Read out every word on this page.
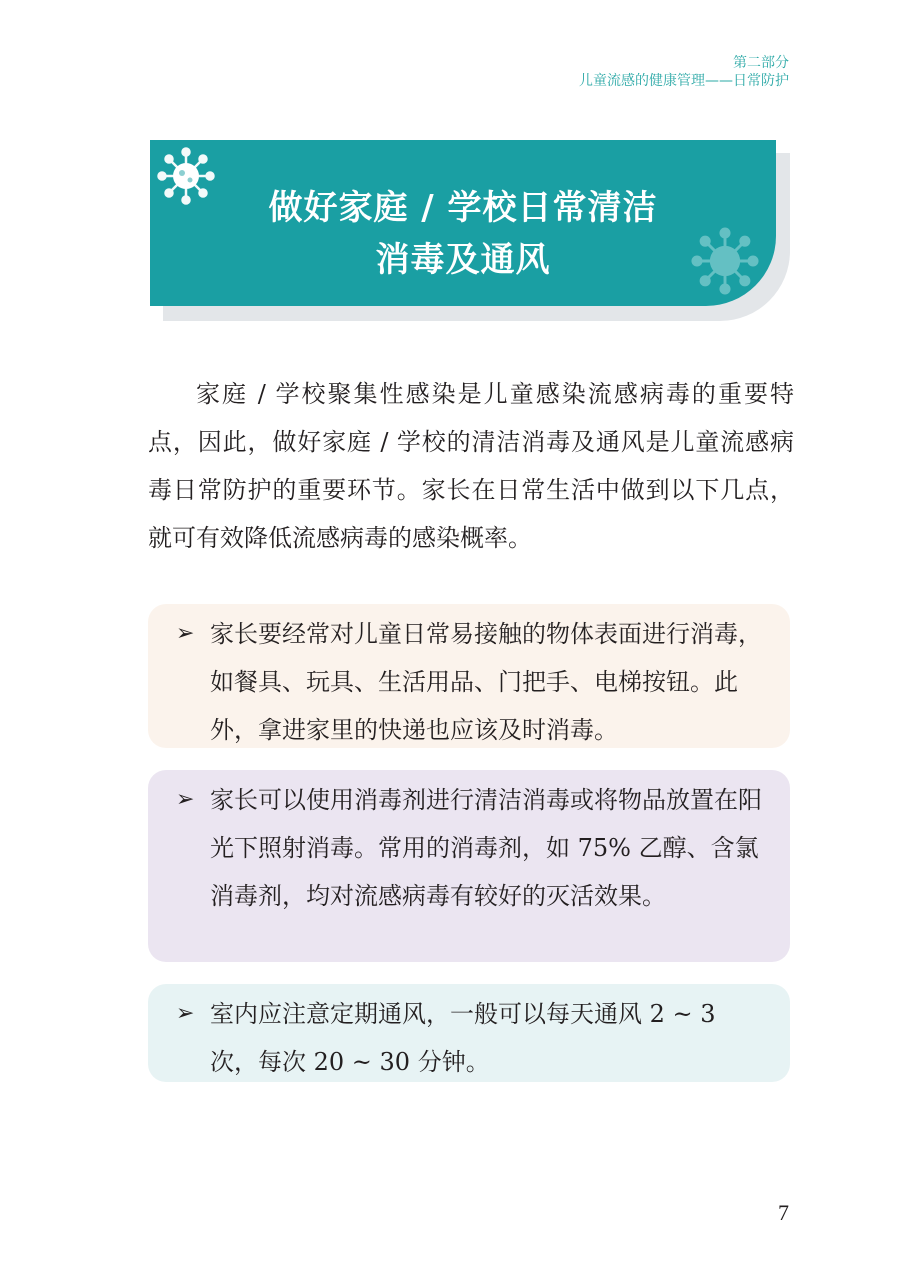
第二部分
儿童流感的健康管理——日常防护
做好家庭 / 学校日常清洁
消毒及通风

家庭 / 学校聚集性感染是儿童感染流感病毒的重要特点，因此，做好家庭 / 学校的清洁消毒及通风是儿童流感病毒日常防护的重要环节。家长在日常生活中做到以下几点，就可有效降低流感病毒的感染概率。

➢ 家长要经常对儿童日常易接触的物体表面进行消毒，如餐具、玩具、生活用品、门把手、电梯按钮。此外，拿进家里的快递也应该及时消毒。
➢ 家长可以使用消毒剂进行清洁消毒或将物品放置在阳光下照射消毒。常用的消毒剂，如 75% 乙醇、含氯消毒剂，均对流感病毒有较好的灭活效果。
➢ 室内应注意定期通风，一般可以每天通风 2 ~ 3 次，每次 20 ~ 30 分钟。
7
